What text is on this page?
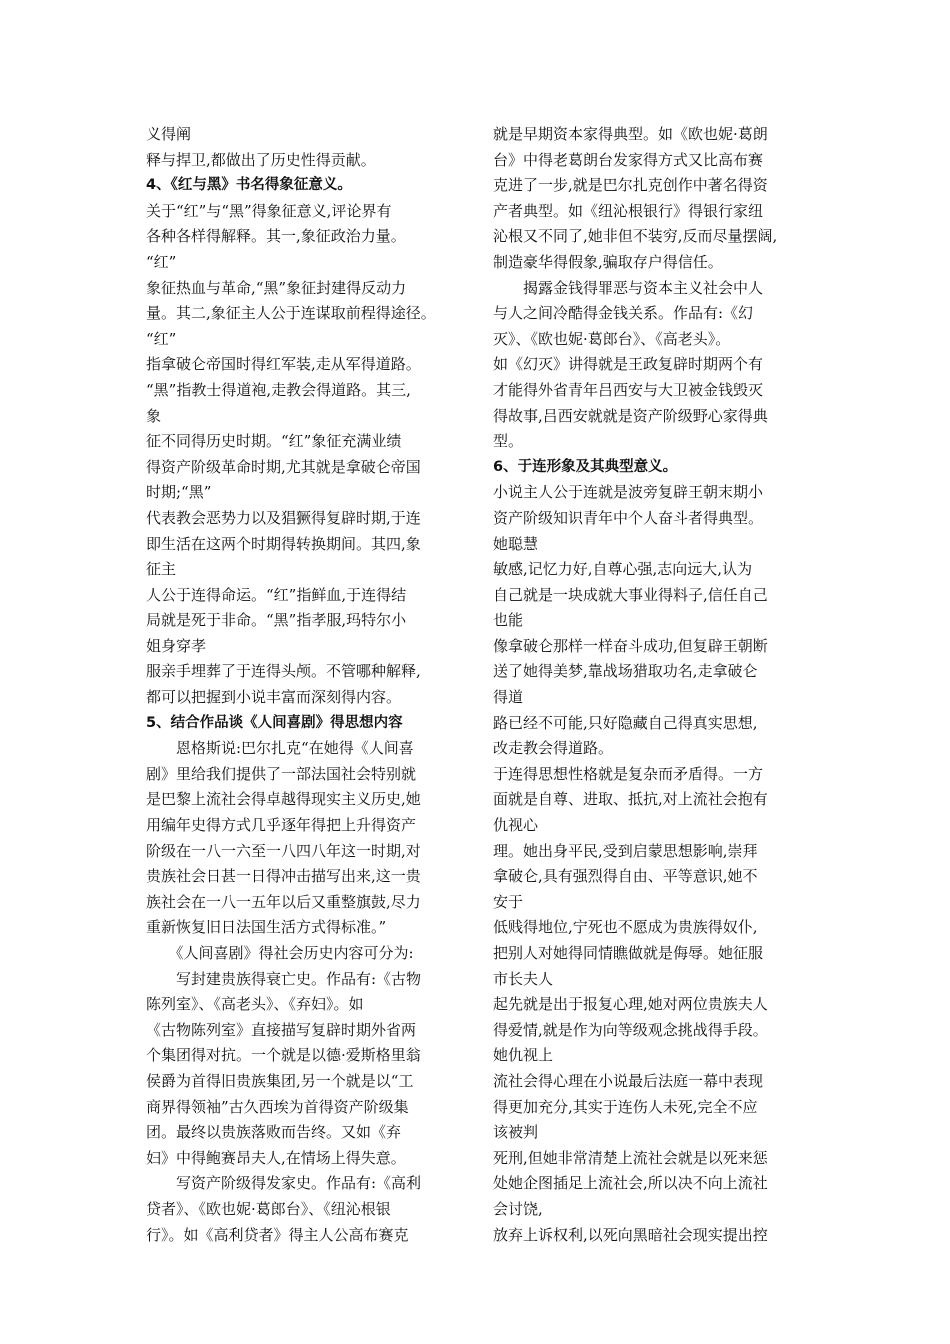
义得阐
释与捍卫,都做出了历史性得贡献。
4、《红与黑》书名得象征意义。
关于“红”与“黑”得象征意义,评论界有
各种各样得解释。其一,象征政治力量。
“红”
象征热血与革命,“黑”象征封建得反动力
量。其二,象征主人公于连谋取前程得途径。
“红”
指拿破仑帝国时得红军装,走从军得道路。
“黑”指教士得道袍,走教会得道路。其三,
象
征不同得历史时期。“红”象征充满业绩
得资产阶级革命时期,尤其就是拿破仑帝国
时期;“黑”
代表教会恶势力以及猖獗得复辟时期,于连
即生活在这两个时期得转换期间。其四,象
征主
人公于连得命运。“红”指鲜血,于连得结
局就是死于非命。“黑”指孝服,玛特尔小
姐身穿孝
服亲手埋葬了于连得头颅。不管哪种解释,
都可以把握到小说丰富而深刻得内容。
5、结合作品谈《人间喜剧》得思想内容
　　恩格斯说:巴尔扎克“在她得《人间喜
剧》里给我们提供了一部法国社会特别就
是巴黎上流社会得卓越得现实主义历史,她
用编年史得方式几乎逐年得把上升得资产
阶级在一八一六至一八四八年这一时期,对
贵族社会日甚一日得冲击描写出来,这一贵
族社会在一八一五年以后又重整旗鼓,尽力
重新恢复旧日法国生活方式得标准。”
　　《人间喜剧》得社会历史内容可分为:
　　写封建贵族得衰亡史。作品有:《古物
陈列室》、《高老头》、《弃妇》。如
《古物陈列室》直接描写复辟时期外省两
个集团得对抗。一个就是以德·爱斯格里翁
侯爵为首得旧贵族集团,另一个就是以“工
商界得领袖”古久西埃为首得资产阶级集
团。最终以贵族落败而告终。又如《弃
妇》中得鲍赛昂夫人,在情场上得失意。
　　写资产阶级得发家史。作品有:《高利
贷者》、《欧也妮·葛郎台》、《纽沁根银
行》。如《高利贷者》得主人公高布赛克
就是早期资本家得典型。如《欧也妮·葛朗
台》中得老葛朗台发家得方式又比高布赛
克进了一步,就是巴尔扎克创作中著名得资
产者典型。如《纽沁根银行》得银行家纽
沁根又不同了,她非但不装穷,反而尽量摆阔,
制造豪华得假象,骗取存户得信任。
　　揭露金钱得罪恶与资本主义社会中人
与人之间冷酷得金钱关系。作品有:《幻
灭》、《欧也妮·葛郎台》、《高老头》。
如《幻灭》讲得就是王政复辟时期两个有
才能得外省青年吕西安与大卫被金钱毁灭
得故事,吕西安就就是资产阶级野心家得典
型。
6、于连形象及其典型意义。
小说主人公于连就是波旁复辟王朝末期小
资产阶级知识青年中个人奋斗者得典型。
她聪慧
敏感,记忆力好,自尊心强,志向远大,认为
自己就是一块成就大事业得料子,信任自己
也能
像拿破仑那样一样奋斗成功,但复辟王朝断
送了她得美梦,靠战场猎取功名,走拿破仑
得道
路已经不可能,只好隐藏自己得真实思想,
改走教会得道路。
于连得思想性格就是复杂而矛盾得。一方
面就是自尊、进取、抵抗,对上流社会抱有
仇视心
理。她出身平民,受到启蒙思想影响,崇拜
拿破仑,具有强烈得自由、平等意识,她不
安于
低贱得地位,宁死也不愿成为贵族得奴仆,
把别人对她得同情瞧做就是侮辱。她征服
市长夫人
起先就是出于报复心理,她对两位贵族夫人
得爱情,就是作为向等级观念挑战得手段。
她仇视上
流社会得心理在小说最后法庭一幕中表现
得更加充分,其实于连伤人未死,完全不应
该被判
死刑,但她非常清楚上流社会就是以死来惩
处她企图插足上流社会,所以决不向上流社
会讨饶,
放弃上诉权利,以死向黑暗社会现实提出控
